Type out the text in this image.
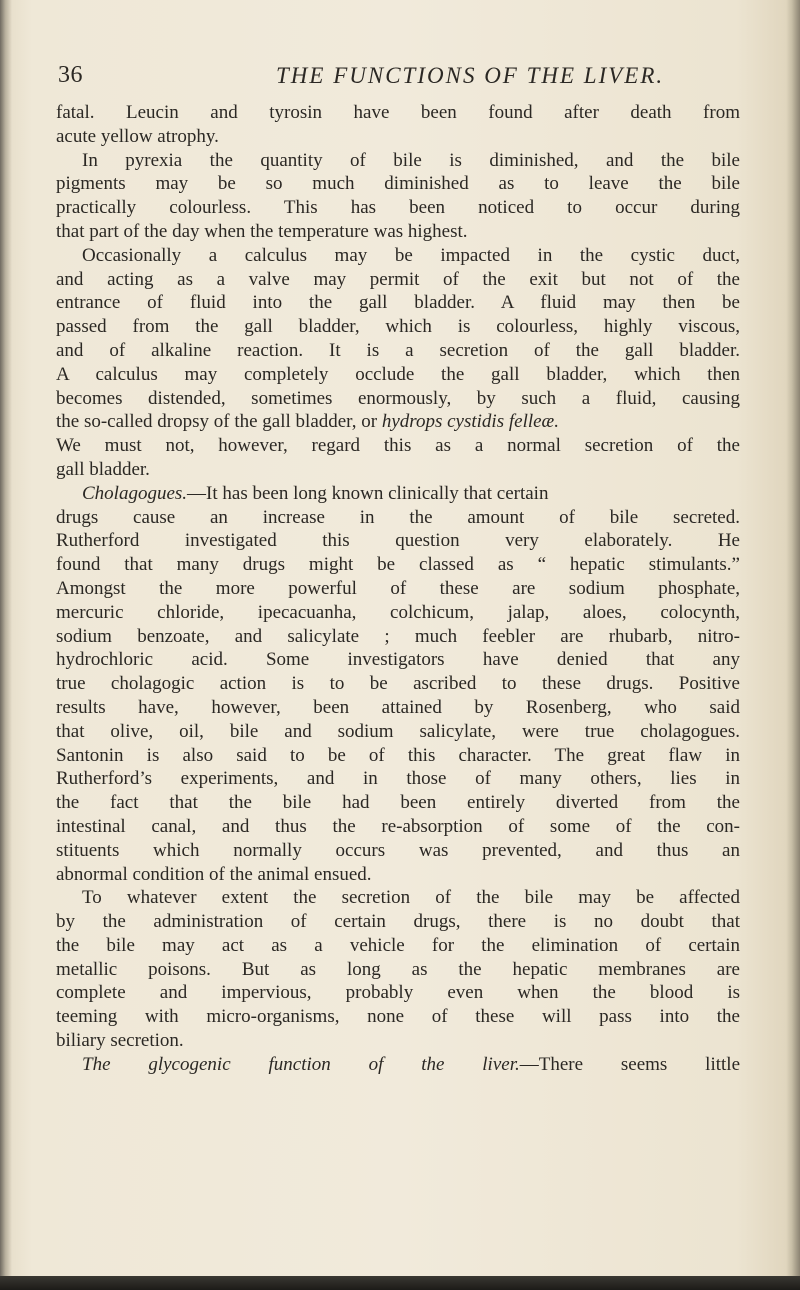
36	THE FUNCTIONS OF THE LIVER.
fatal. Leucin and tyrosin have been found after death from
acute yellow atrophy.
In pyrexia the quantity of bile is diminished, and the bile
pigments may be so much diminished as to leave the bile
practically colourless. This has been noticed to occur during
that part of the day when the temperature was highest.
Occasionally a calculus may be impacted in the cystic duct,
and acting as a valve may permit of the exit but not of the
entrance of fluid into the gall bladder. A fluid may then be
passed from the gall bladder, which is colourless, highly viscous,
and of alkaline reaction. It is a secretion of the gall bladder.
A calculus may completely occlude the gall bladder, which then
becomes distended, sometimes enormously, by such a fluid, causing
the so-called dropsy of the gall bladder, or hydrops cystidis felleæ.
We must not, however, regard this as a normal secretion of the
gall bladder.
Cholagogues.—It has been long known clinically that certain
drugs cause an increase in the amount of bile secreted.
Rutherford investigated this question very elaborately. He
found that many drugs might be classed as “ hepatic stimulants.”
Amongst the more powerful of these are sodium phosphate,
mercuric chloride, ipecacuanha, colchicum, jalap, aloes, colocynth,
sodium benzoate, and salicylate ; much feebler are rhubarb, nitro-
hydrochloric acid. Some investigators have denied that any
true cholagogic action is to be ascribed to these drugs. Positive
results have, however, been attained by Rosenberg, who said
that olive, oil, bile and sodium salicylate, were true cholagogues.
Santonin is also said to be of this character. The great flaw in
Rutherford’s experiments, and in those of many others, lies in
the fact that the bile had been entirely diverted from the
intestinal canal, and thus the re-absorption of some of the con-
stituents which normally occurs was prevented, and thus an
abnormal condition of the animal ensued.
To whatever extent the secretion of the bile may be affected
by the administration of certain drugs, there is no doubt that
the bile may act as a vehicle for the elimination of certain
metallic poisons. But as long as the hepatic membranes are
complete and impervious, probably even when the blood is
teeming with micro-organisms, none of these will pass into the
biliary secretion.
The glycogenic function of the liver.—There seems little
